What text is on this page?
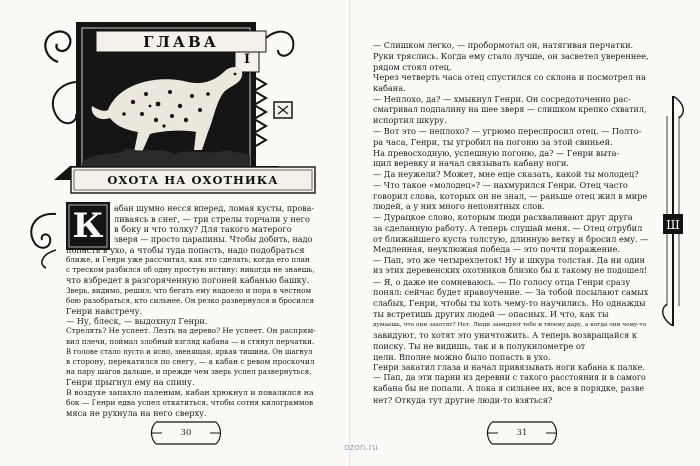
ГЛАВА
I
ОХОТА НА ОХОТНИКА
К	абан шумно несся вперед, ломая кусты, прова-
ливаясь в снег, — три стрелы торчали у него
в боку и что толку? Для такого матерого
зверя — просто царапины. Чтобы добить, надо
попасть в ухо, а чтобы туда попасть, надо подобраться
ближе, и Генри уже рассчитал, как это сделать, когда его план
с треском разбился об одну простую истину: никогда не знаешь,
что взбредет в разгоряченную погоней кабанью башку.
Зверь, видимо, решил, что бегать ему надоело и пора в честном
бою разобраться, кто сильнее. Он резко развернулся и бросился
Генри навстречу.
— Ну, блеск, — выдохнул Генри.
Стрелять? Не успеет. Лезть на дерево? Не успеет. Он распрям-
вил плечи, поймал злобный взгляд кабана — и стянул перчатки.
В голове стало пусто и ясно, звенящая, яркая тишина. Он шагнул
в сторону, перекатился по снегу, — а кабан с ревом проскочил
на пару шагов дальше, и прежде чем зверь успел развернуться,
Генри прыгнул ему на спину.
В воздухе запахло паленым, кабан хрюкнул и повалился на
бок — Генри едва успел откатиться, чтобы сотня килограммов
мяса не рухнула на него сверху.
30
— Слишком легко, — пробормотал он, натягивая перчатки.
Руки тряслись. Когда ему стало лучше, он засветел увереннее,
рядом стоял отец.
Через четверть часа отец спустился со склона и посмотрел на
кабана.
— Неплохо, да? — хмыкнул Генри. Он сосредоточенно рас-
сматривал подпалину на шее зверя — слишком крепко схватил,
испортил шкуру.
— Вот это — неплохо? — угрюмо переспросил отец. — Полто-
ра часа, Генри, ты угробил на погоню за этой свиньей.
На превосходную, успешную погоню, да? — Генри выта-
щил веревку и начал связывать кабану ноги.
— Да неужели? Может, мне еще сказать, какой ты молодец?
— Что такое «молодец»? — нахмурился Генри. Отец часто
говорил слова, которых он не знал, — раньше отец жил в мире
людей, а у них много непонятных слов.
— Дурацкое слово, которым люди расхваливают друг друга
за сделанную работу. А теперь слушай меня. — Отец отрубил
от ближайшего куста толстую, длинную ветку и бросил ему. —
Медленная, неуклюжая победа — это почти поражение.
— Пап, это же четырехлеток! Ну и шкура толстая. Да ни один
из этих деревенских охотников близко бы к такому не подошел!
— Я, о даже не сомневаюсь. — По голосу отца Генри сразу
понял: сейчас будет нравоучение. — За тобой посылают самых
слабых, Генри, чтобы ты хоть чему-то научились. Но однажды
ты встретишь других людей — опасных. И что, как ты
думаешь, что они захотят? Нет. Люди завидуют тебе и твоему дару, а когда они чему-то
завидуют, то хотят это уничтожить. А теперь возвращайся к
поиску. Ты не видишь, так и в полукилометре от
цели. Вполне можно было попасть в ухо.
Генри закатил глаза и начал привязывать ноги кабана к палке.
— Пап, да эти парни из деревни с такого расстояния и в самого
кабана бы не попали. А пока я сильнее их, все в порядке, разве
нет? Откуда тут другие люди-то взяться?
Ш
31
ozon.ru
